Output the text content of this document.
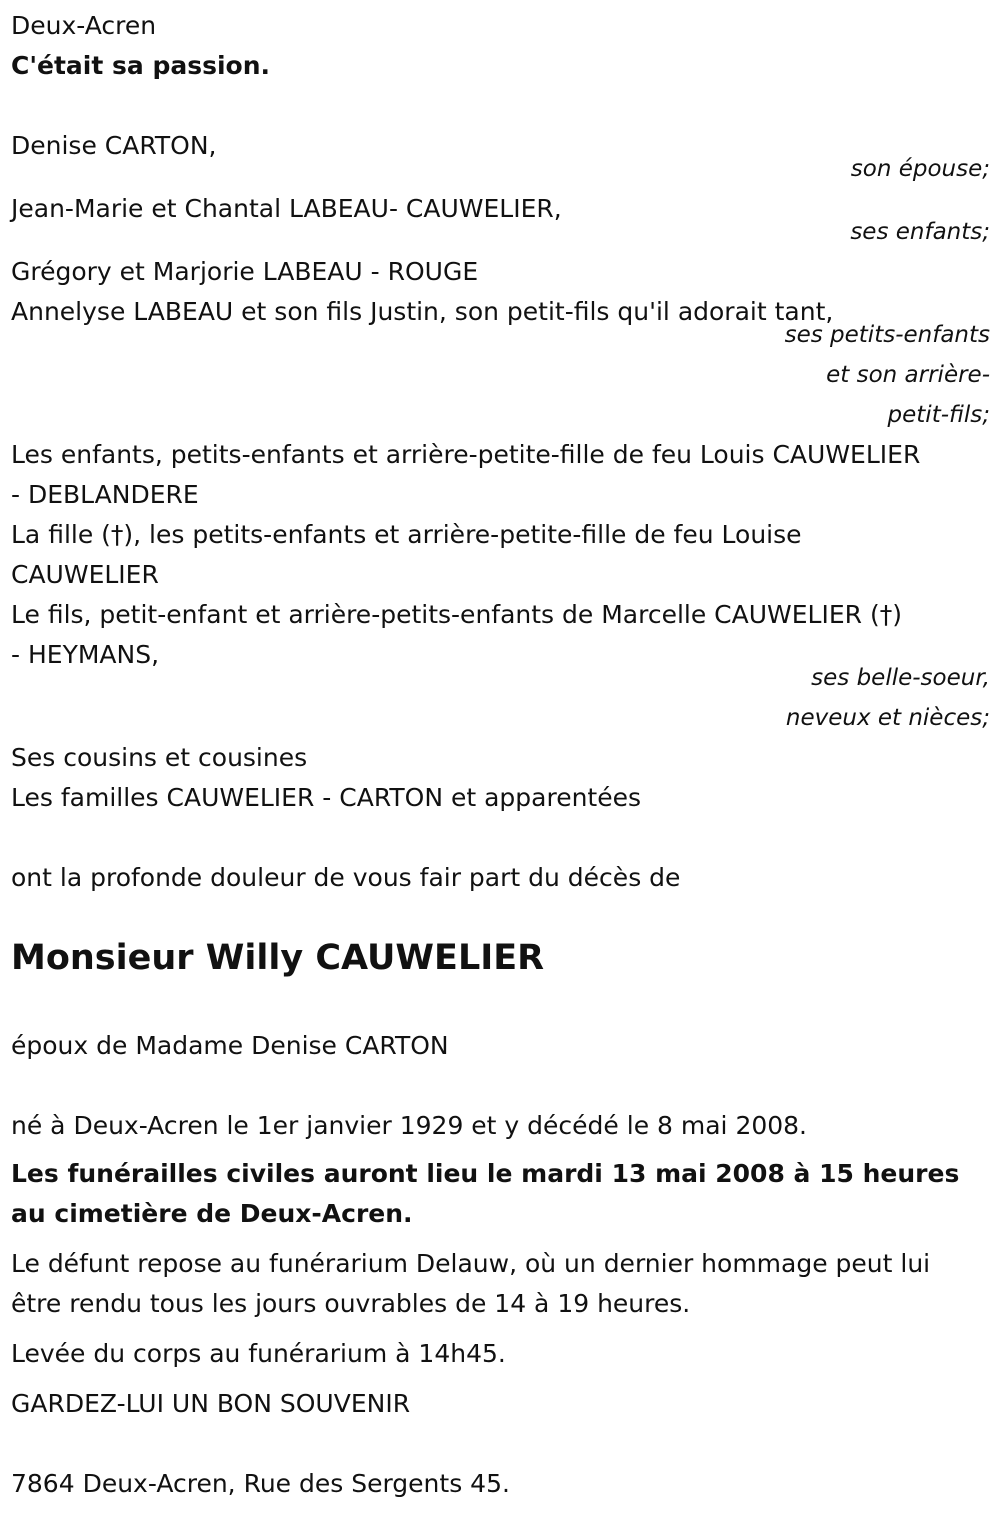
Deux-Acren

C'était sa passion.

Denise CARTON,

son épouse;

Jean-Marie et Chantal LABEAU- CAUWELIER,

ses enfants;

Grégory et Marjorie LABEAU - ROUGE

Annelyse LABEAU et son fils Justin, son petit-fils qu'il adorait tant,

ses petits-enfants

et son arrière-

petit-fils;

Les enfants, petits-enfants et arrière-petite-fille de feu Louis CAUWELIER

- DEBLANDERE

La fille (†), les petits-enfants et arrière-petite-fille de feu Louise

CAUWELIER

Le fils, petit-enfant et arrière-petits-enfants de Marcelle CAUWELIER (†)

- HEYMANS,

ses belle-soeur,

neveux et nièces;

Ses cousins et cousines

Les familles CAUWELIER - CARTON et apparentées

ont la profonde douleur de vous fair part du décès de

Monsieur Willy CAUWELIER

époux de Madame Denise CARTON

né à Deux-Acren le 1er janvier 1929 et y décédé le 8 mai 2008.

Les funérailles civiles auront lieu le mardi 13 mai 2008 à 15 heures au cimetière de Deux-Acren.

Le défunt repose au funérarium Delauw, où un dernier hommage peut lui être rendu tous les jours ouvrables de 14 à 19 heures.

Levée du corps au funérarium à 14h45.

GARDEZ-LUI UN BON SOUVENIR

7864 Deux-Acren, Rue des Sergents 45.
